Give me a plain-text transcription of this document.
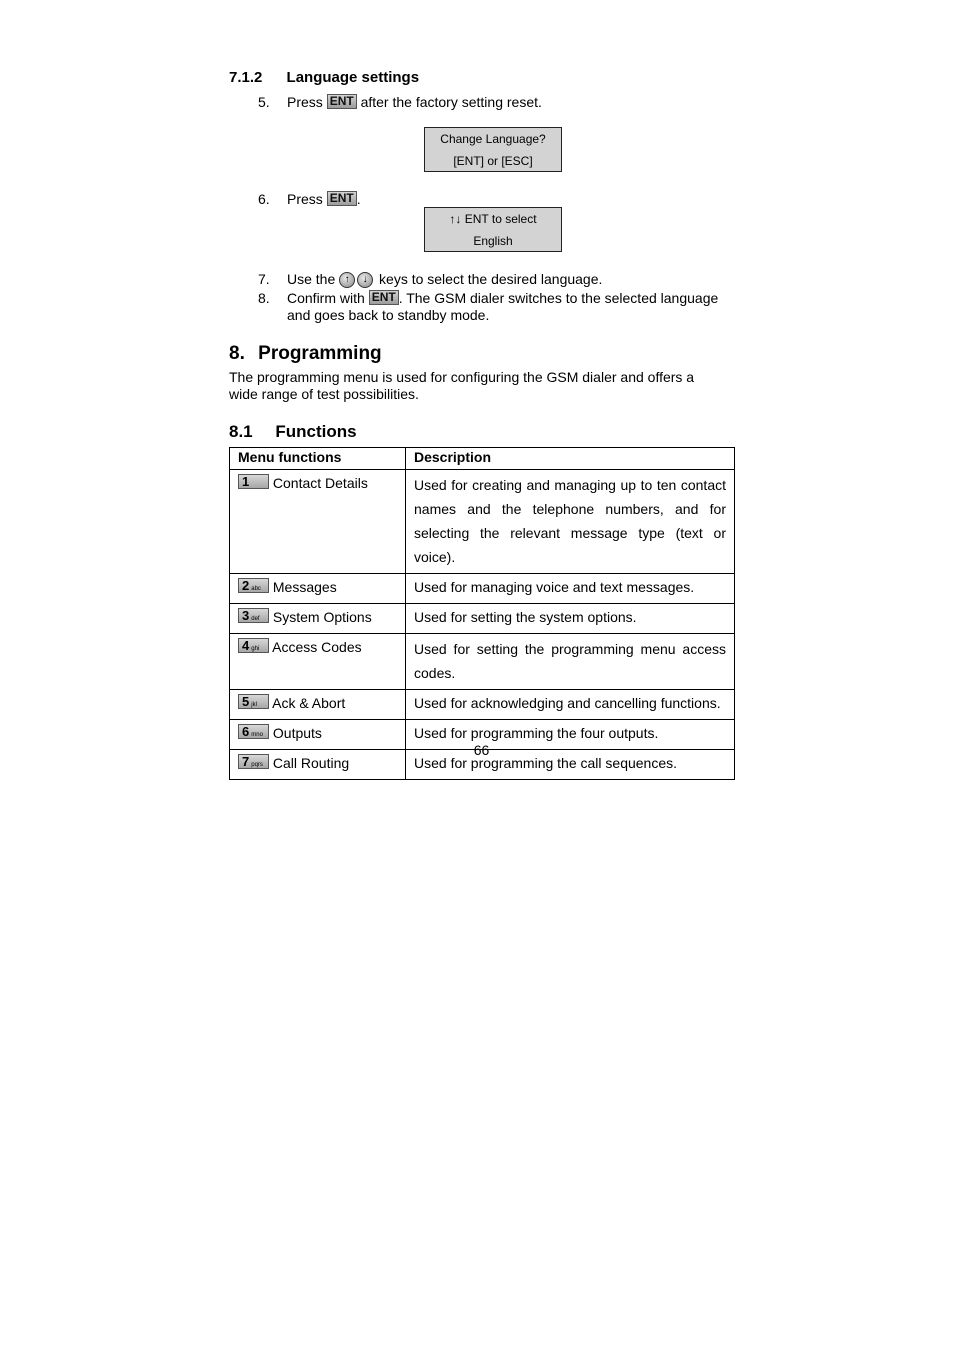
7.1.2 Language settings
5. Press ENT after the factory setting reset.
Change Language?
[ENT] or [ESC]
6. Press ENT .
↑↓ ENT to select
English
7. Use the ↑ ↓ keys to select the desired language.
8. Confirm with ENT . The GSM dialer switches to the selected language
and goes back to standby mode.
8. Programming
The programming menu is used for configuring the GSM dialer and offers a
wide range of test possibilities.
8.1 Functions
Menu functions	Description
1 Contact Details	Used for creating and managing up to ten contact names and the telephone numbers, and for selecting the relevant message type (text or voice).
2 abc Messages	Used for managing voice and text messages.
3 def System Options	Used for setting the system options.
4 ghi Access Codes	Used for setting the programming menu access codes.
5 jkl Ack & Abort	Used for acknowledging and cancelling functions.
6 mno Outputs	Used for programming the four outputs.
7 pqrs Call Routing	Used for programming the call sequences.
66
